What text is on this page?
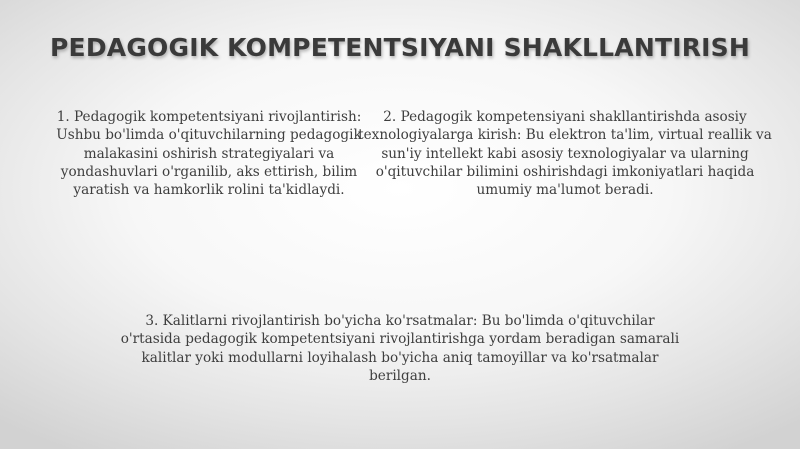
PEDAGOGIK KOMPETENTSIYANI SHAKLLANTIRISH
1. Pedagogik kompetentsiyani rivojlantirish: Ushbu bo'limda o'qituvchilarning pedagogik malakasini oshirish strategiyalari va yondashuvlari o'rganilib, aks ettirish, bilim yaratish va hamkorlik rolini ta'kidlaydi.
2. Pedagogik kompetensiyani shakllantirishda asosiy texnologiyalarga kirish: Bu elektron ta'lim, virtual reallik va sun'iy intellekt kabi asosiy texnologiyalar va ularning o'qituvchilar bilimini oshirishdagi imkoniyatlari haqida umumiy ma'lumot beradi.
3. Kalitlarni rivojlantirish bo'yicha ko'rsatmalar: Bu bo'limda o'qituvchilar o'rtasida pedagogik kompetentsiyani rivojlantirishga yordam beradigan samarali kalitlar yoki modullarni loyihalash bo'yicha aniq tamoyillar va ko'rsatmalar berilgan.
